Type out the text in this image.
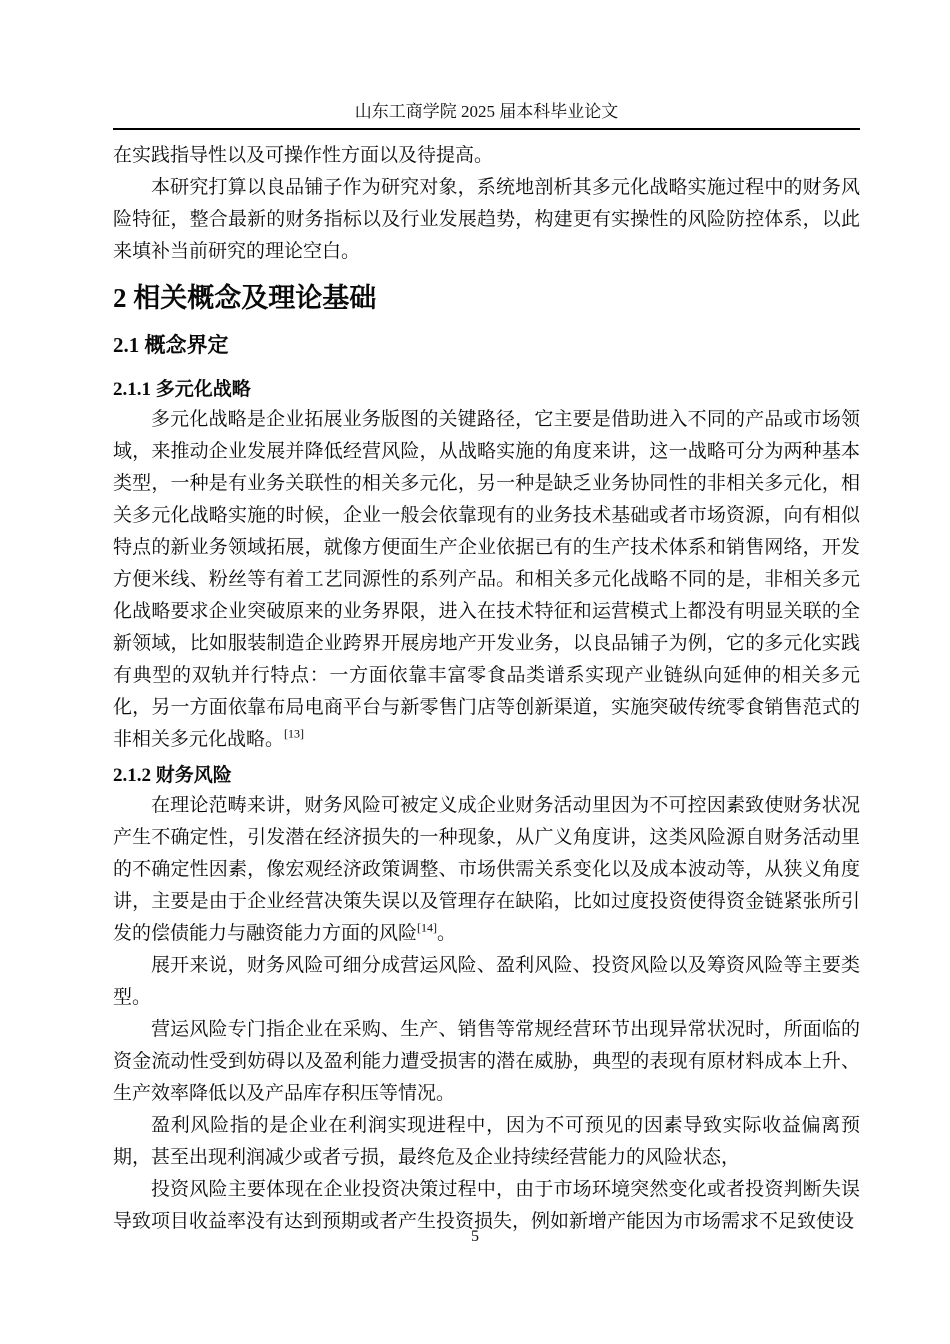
山东工商学院 2025 届本科毕业论文

在实践指导性以及可操作性方面以及待提高。

本研究打算以良品铺子作为研究对象，系统地剖析其多元化战略实施过程中的财务风险特征，整合最新的财务指标以及行业发展趋势，构建更有实操性的风险防控体系，以此来填补当前研究的理论空白。

2 相关概念及理论基础
2.1 概念界定
2.1.1 多元化战略

多元化战略是企业拓展业务版图的关键路径，它主要是借助进入不同的产品或市场领域，来推动企业发展并降低经营风险，从战略实施的角度来讲，这一战略可分为两种基本类型，一种是有业务关联性的相关多元化，另一种是缺乏业务协同性的非相关多元化，相关多元化战略实施的时候，企业一般会依靠现有的业务技术基础或者市场资源，向有相似特点的新业务领域拓展，就像方便面生产企业依据已有的生产技术体系和销售网络，开发方便米线、粉丝等有着工艺同源性的系列产品。和相关多元化战略不同的是，非相关多元化战略要求企业突破原来的业务界限，进入在技术特征和运营模式上都没有明显关联的全新领域，比如服装制造企业跨界开展房地产开发业务，以良品铺子为例，它的多元化实践有典型的双轨并行特点：一方面依靠丰富零食品类谱系实现产业链纵向延伸的相关多元化，另一方面依靠布局电商平台与新零售门店等创新渠道，实施突破传统零食销售范式的非相关多元化战略。[13]

2.1.2 财务风险

在理论范畴来讲，财务风险可被定义成企业财务活动里因为不可控因素致使财务状况产生不确定性，引发潜在经济损失的一种现象，从广义角度讲，这类风险源自财务活动里的不确定性因素，像宏观经济政策调整、市场供需关系变化以及成本波动等，从狭义角度讲，主要是由于企业经营决策失误以及管理存在缺陷，比如过度投资使得资金链紧张所引发的偿债能力与融资能力方面的风险[14]。

展开来说，财务风险可细分成营运风险、盈利风险、投资风险以及筹资风险等主要类型。

营运风险专门指企业在采购、生产、销售等常规经营环节出现异常状况时，所面临的资金流动性受到妨碍以及盈利能力遭受损害的潜在威胁，典型的表现有原材料成本上升、生产效率降低以及产品库存积压等情况。

盈利风险指的是企业在利润实现进程中，因为不可预见的因素导致实际收益偏离预期，甚至出现利润减少或者亏损，最终危及企业持续经营能力的风险状态，

投资风险主要体现在企业投资决策过程中，由于市场环境突然变化或者投资判断失误导致项目收益率没有达到预期或者产生投资损失，例如新增产能因为市场需求不足致使设

5
